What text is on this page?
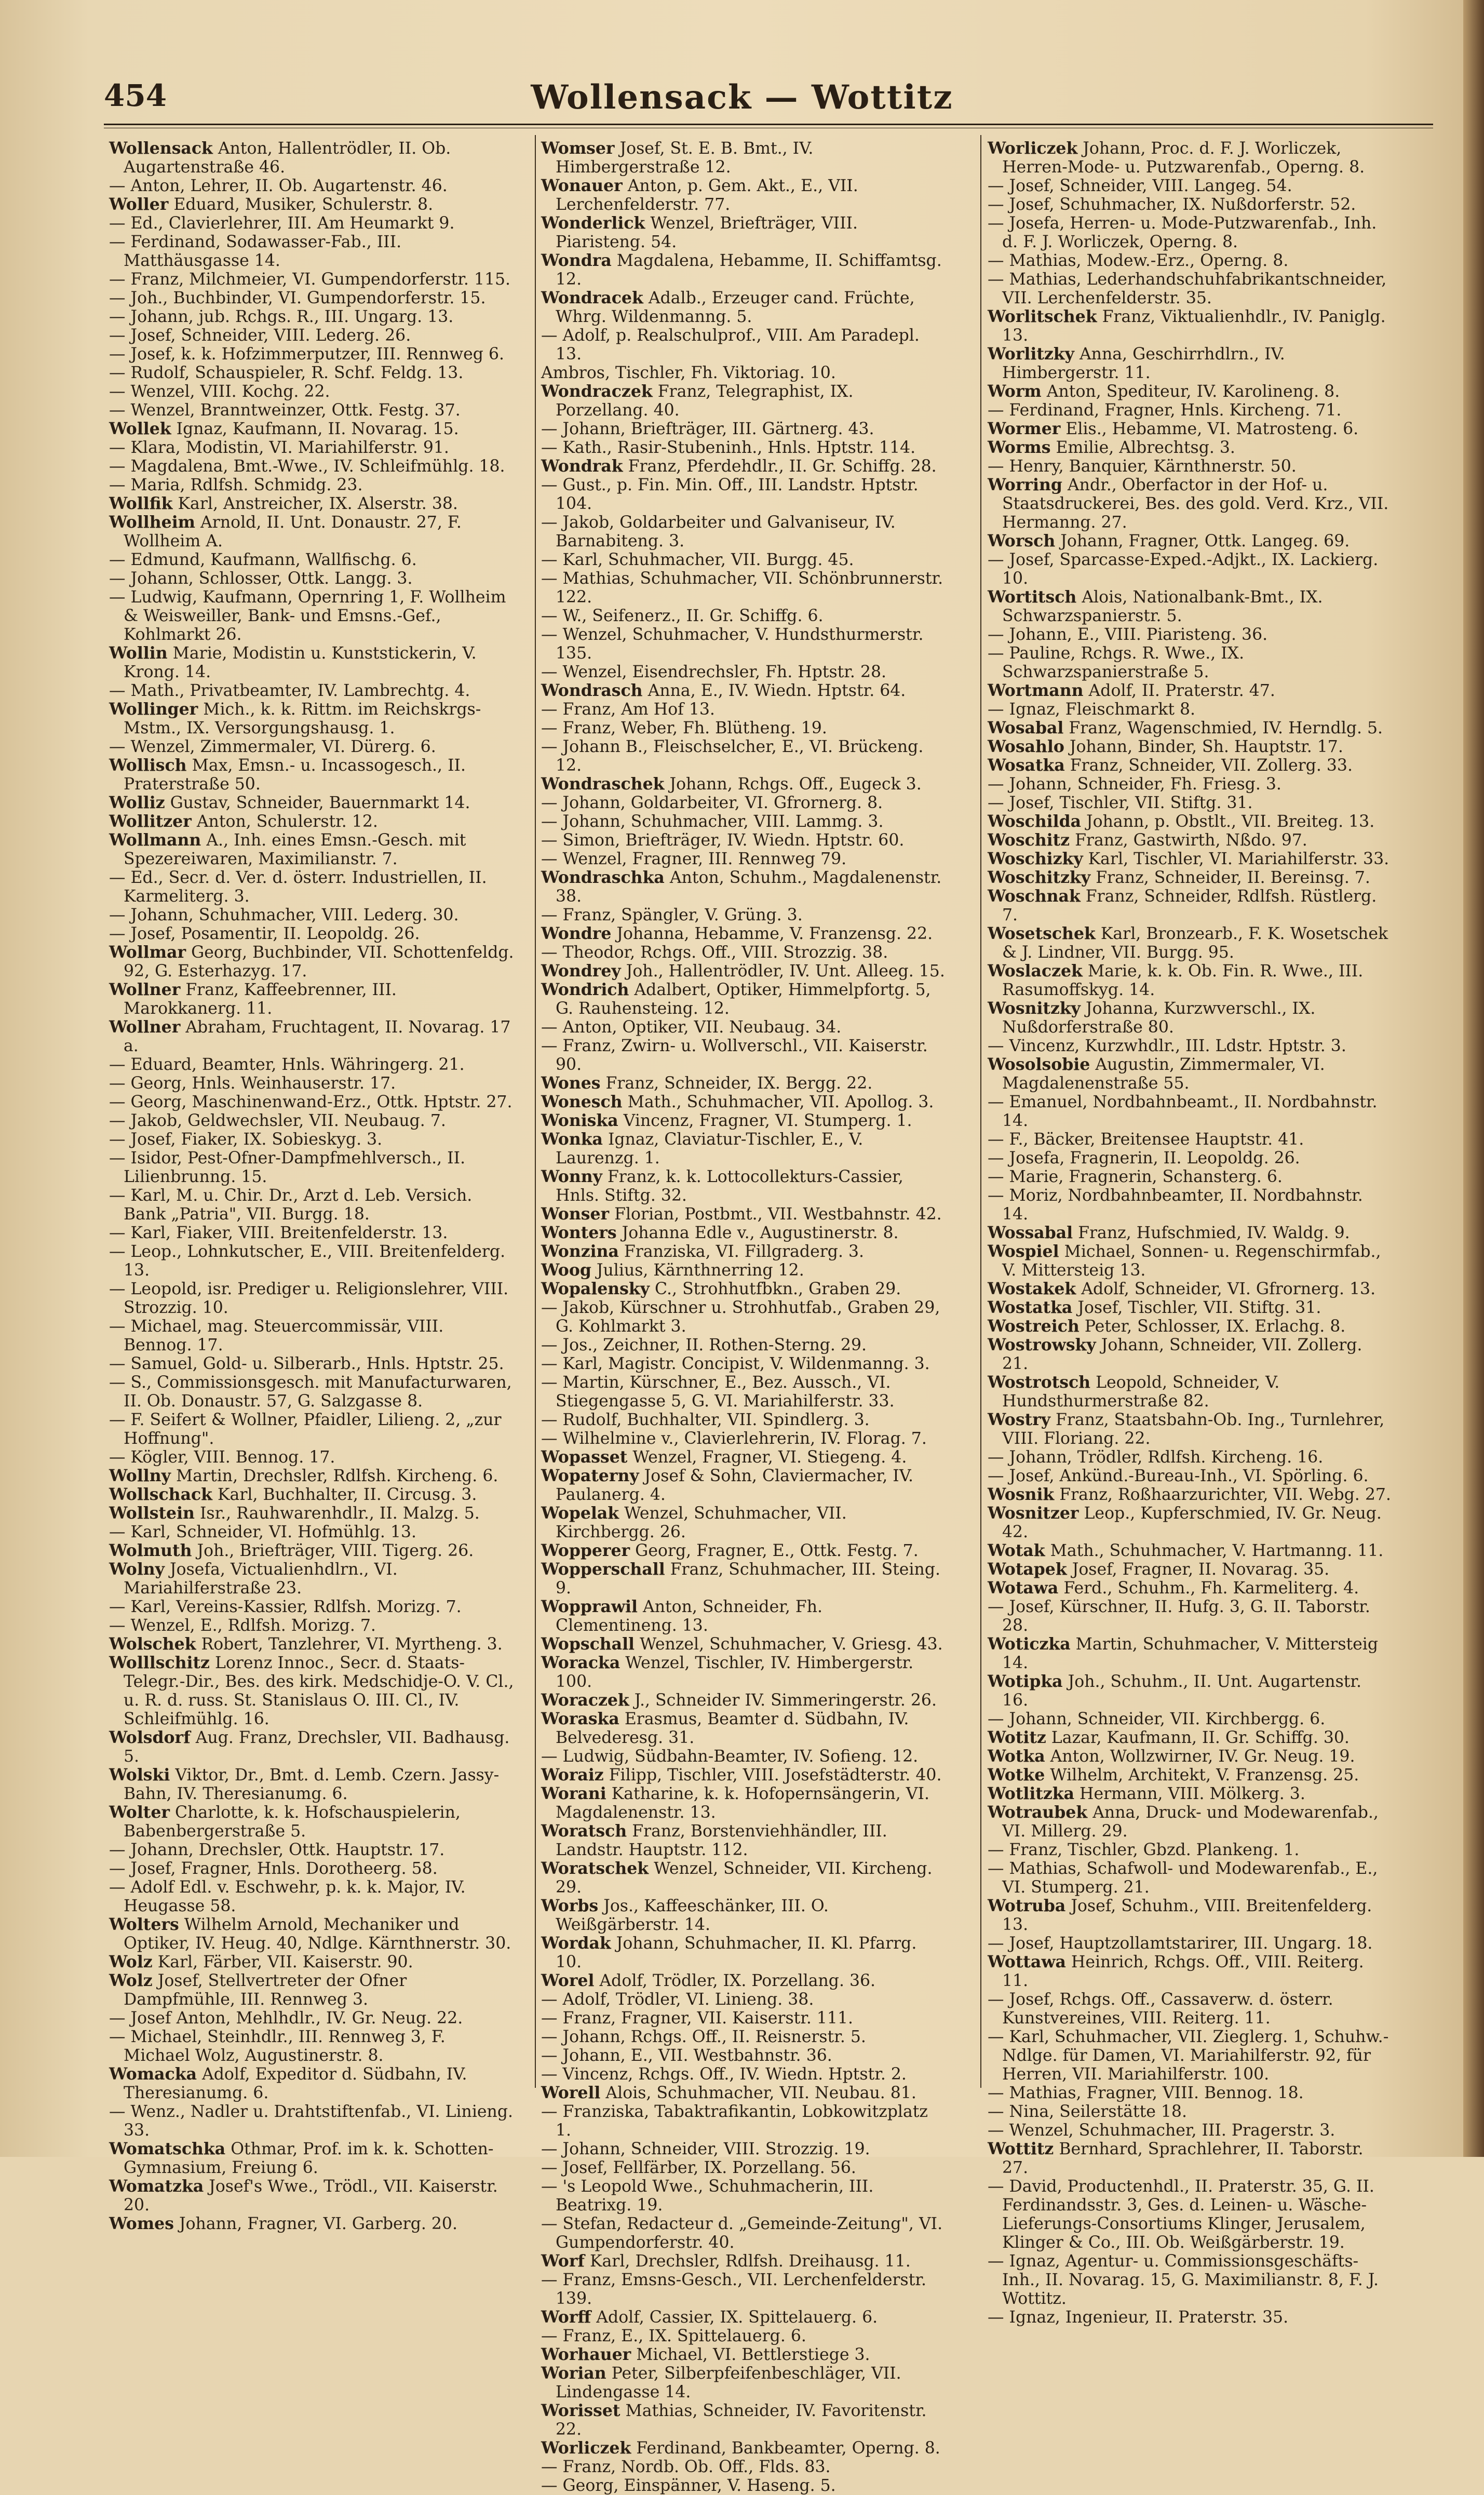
454	Wollensack — Wottitz

Wollensack Anton, Hallentrödler, II. Ob. Augartenstraße 46.

— Anton, Lehrer, II. Ob. Augartenstr. 46.

Woller Eduard, Musiker, Schulerstr. 8.

— Ed., Clavierlehrer, III. Am Heumarkt 9.

— Ferdinand, Sodawasser-Fab., III. Matthäusgasse 14.

— Franz, Milchmeier, VI. Gumpendorferstr. 115.

— Joh., Buchbinder, VI. Gumpendorferstr. 15.

— Johann, jub. Rchgs. R., III. Ungarg. 13.

— Josef, Schneider, VIII. Lederg. 26.

— Josef, k. k. Hofzimmerputzer, III. Rennweg 6.

— Rudolf, Schauspieler, R. Schf. Feldg. 13.

— Wenzel, VIII. Kochg. 22.

— Wenzel, Branntweinzer, Ottk. Festg. 37.

Wollek Ignaz, Kaufmann, II. Novarag. 15.

— Klara, Modistin, VI. Mariahilferstr. 91.

— Magdalena, Bmt.-Wwe., IV. Schleifmühlg. 18.

— Maria, Rdlfsh. Schmidg. 23.

Wollfik Karl, Anstreicher, IX. Alserstr. 38.

Wollheim Arnold, II. Unt. Donaustr. 27, F. Wollheim A.

— Edmund, Kaufmann, Wallfischg. 6.

— Johann, Schlosser, Ottk. Langg. 3.

— Ludwig, Kaufmann, Opernring 1, F. Wollheim & Weisweiller, Bank- und Emsns.-Gef., Kohlmarkt 26.

Wollin Marie, Modistin u. Kunststickerin, V. Krong. 14.

— Math., Privatbeamter, IV. Lambrechtg. 4.

Wollinger Mich., k. k. Rittm. im Reichskrgs-Mstm., IX. Versorgungshausg. 1.

— Wenzel, Zimmermaler, VI. Dürerg. 6.

Wollisch Max, Emsn.- u. Incassogesch., II. Praterstraße 50.

Wolliz Gustav, Schneider, Bauernmarkt 14.

Wollitzer Anton, Schulerstr. 12.

Wollmann A., Inh. eines Emsn.-Gesch. mit Spezereiwaren, Maximilianstr. 7.

— Ed., Secr. d. Ver. d. österr. Industriellen, II. Karmeliterg. 3.

— Johann, Schuhmacher, VIII. Lederg. 30.

— Josef, Posamentir, II. Leopoldg. 26.

Wollmar Georg, Buchbinder, VII. Schottenfeldg. 92, G. Esterhazyg. 17.

Wollner Franz, Kaffeebrenner, III. Marokkanerg. 11.

Wollner Abraham, Fruchtagent, II. Novarag. 17 a.

— Eduard, Beamter, Hnls. Währingerg. 21.

— Georg, Hnls. Weinhauserstr. 17.

— Georg, Maschinenwand-Erz., Ottk. Hptstr. 27.

— Jakob, Geldwechsler, VII. Neubaug. 7.

— Josef, Fiaker, IX. Sobieskyg. 3.

— Isidor, Pest-Ofner-Dampfmehlversch., II. Lilienbrunng. 15.

— Karl, M. u. Chir. Dr., Arzt d. Leb. Versich. Bank „Patria", VII. Burgg. 18.

— Karl, Fiaker, VIII. Breitenfelderstr. 13.

— Leop., Lohnkutscher, E., VIII. Breitenfelderg. 13.

— Leopold, isr. Prediger u. Religionslehrer, VIII. Strozzig. 10.

— Michael, mag. Steuercommissär, VIII. Bennog. 17.

— Samuel, Gold- u. Silberarb., Hnls. Hptstr. 25.

— S., Commissionsgesch. mit Manufacturwaren, II. Ob. Donaustr. 57, G. Salzgasse 8.

— F. Seifert & Wollner, Pfaidler, Lilieng. 2, „zur Hoffnung".

— Kögler, VIII. Bennog. 17.

Wollny Martin, Drechsler, Rdlfsh. Kircheng. 6.

Wollschack Karl, Buchhalter, II. Circusg. 3.

Wollstein Isr., Rauhwarenhdlr., II. Malzg. 5.

— Karl, Schneider, VI. Hofmühlg. 13.

Wolmuth Joh., Briefträger, VIII. Tigerg. 26.

Wolny Josefa, Victualienhdlrn., VI. Mariahilferstraße 23.

— Karl, Vereins-Kassier, Rdlfsh. Morizg. 7.

— Wenzel, E., Rdlfsh. Morizg. 7.

Wolschek Robert, Tanzlehrer, VI. Myrtheng. 3.

Wolllschitz Lorenz Innoc., Secr. d. Staats-Telegr.-Dir., Bes. des kirk. Medschidje-O. V. Cl., u. R. d. russ. St. Stanislaus O. III. Cl., IV. Schleifmühlg. 16.

Wolsdorf Aug. Franz, Drechsler, VII. Badhausg. 5.

Wolski Viktor, Dr., Bmt. d. Lemb. Czern. Jassy-Bahn, IV. Theresianumg. 6.

Wolter Charlotte, k. k. Hofschauspielerin, Babenbergerstraße 5.

— Johann, Drechsler, Ottk. Hauptstr. 17.

— Josef, Fragner, Hnls. Dorotheerg. 58.

— Adolf Edl. v. Eschwehr, p. k. k. Major, IV. Heugasse 58.

Wolters Wilhelm Arnold, Mechaniker und Optiker, IV. Heug. 40, Ndlge. Kärnthnerstr. 30.

Wolz Karl, Färber, VII. Kaiserstr. 90.

Wolz Josef, Stellvertreter der Ofner Dampfmühle, III. Rennweg 3.

— Josef Anton, Mehlhdlr., IV. Gr. Neug. 22.

— Michael, Steinhdlr., III. Rennweg 3, F. Michael Wolz, Augustinerstr. 8.

Womacka Adolf, Expeditor d. Südbahn, IV. Theresianumg. 6.

— Wenz., Nadler u. Drahtstiftenfab., VI. Linieng. 33.

Womatschka Othmar, Prof. im k. k. Schotten-Gymnasium, Freiung 6.

Womatzka Josef's Wwe., Trödl., VII. Kaiserstr. 20.

Womes Johann, Fragner, VI. Garberg. 20.

Womser Josef, St. E. B. Bmt., IV. Himbergerstraße 12.

Wonauer Anton, p. Gem. Akt., E., VII. Lerchenfelderstr. 77.

Wonderlick Wenzel, Briefträger, VIII. Piaristeng. 54.

Wondra Magdalena, Hebamme, II. Schiffamtsg. 12.

Wondracek Adalb., Erzeuger cand. Früchte, Whrg. Wildenmanng. 5.

— Adolf, p. Realschulprof., VIII. Am Paradepl. 13.

Ambros, Tischler, Fh. Viktoriag. 10.

Wondraczek Franz, Telegraphist, IX. Porzellang. 40.

— Johann, Briefträger, III. Gärtnerg. 43.

— Kath., Rasir-Stubeninh., Hnls. Hptstr. 114.

Wondrak Franz, Pferdehdlr., II. Gr. Schiffg. 28.

— Gust., p. Fin. Min. Off., III. Landstr. Hptstr. 104.

— Jakob, Goldarbeiter und Galvaniseur, IV. Barnabiteng. 3.

— Karl, Schuhmacher, VII. Burgg. 45.

— Mathias, Schuhmacher, VII. Schönbrunnerstr. 122.

— W., Seifenerz., II. Gr. Schiffg. 6.

— Wenzel, Schuhmacher, V. Hundsthurmerstr. 135.

— Wenzel, Eisendrechsler, Fh. Hptstr. 28.

Wondrasch Anna, E., IV. Wiedn. Hptstr. 64.

— Franz, Am Hof 13.

— Franz, Weber, Fh. Blütheng. 19.

— Johann B., Fleischselcher, E., VI. Brückeng. 12.

Wondraschek Johann, Rchgs. Off., Eugeck 3.

— Johann, Goldarbeiter, VI. Gfrornerg. 8.

— Johann, Schuhmacher, VIII. Lammg. 3.

— Simon, Briefträger, IV. Wiedn. Hptstr. 60.

— Wenzel, Fragner, III. Rennweg 79.

Wondraschka Anton, Schuhm., Magdalenenstr. 38.

— Franz, Spängler, V. Grüng. 3.

Wondre Johanna, Hebamme, V. Franzensg. 22.

— Theodor, Rchgs. Off., VIII. Strozzig. 38.

Wondrey Joh., Hallentrödler, IV. Unt. Alleeg. 15.

Wondrich Adalbert, Optiker, Himmelpfortg. 5, G. Rauhensteing. 12.

— Anton, Optiker, VII. Neubaug. 34.

— Franz, Zwirn- u. Wollverschl., VII. Kaiserstr. 90.

Wones Franz, Schneider, IX. Bergg. 22.

Wonesch Math., Schuhmacher, VII. Apollog. 3.

Woniska Vincenz, Fragner, VI. Stumperg. 1.

Wonka Ignaz, Claviatur-Tischler, E., V. Laurenzg. 1.

Wonny Franz, k. k. Lottocollekturs-Cassier, Hnls. Stiftg. 32.

Wonser Florian, Postbmt., VII. Westbahnstr. 42.

Wonters Johanna Edle v., Augustinerstr. 8.

Wonzina Franziska, VI. Fillgraderg. 3.

Woog Julius, Kärnthnerring 12.

Wopalensky C., Strohhutfbkn., Graben 29.

— Jakob, Kürschner u. Strohhutfab., Graben 29, G. Kohlmarkt 3.

— Jos., Zeichner, II. Rothen-Sterng. 29.

— Karl, Magistr. Concipist, V. Wildenmanng. 3.

— Martin, Kürschner, E., Bez. Aussch., VI. Stiegengasse 5, G. VI. Mariahilferstr. 33.

— Rudolf, Buchhalter, VII. Spindlerg. 3.

— Wilhelmine v., Clavierlehrerin, IV. Florag. 7.

Wopasset Wenzel, Fragner, VI. Stiegeng. 4.

Wopaterny Josef & Sohn, Claviermacher, IV. Paulanerg. 4.

Wopelak Wenzel, Schuhmacher, VII. Kirchbergg. 26.

Wopperer Georg, Fragner, E., Ottk. Festg. 7.

Wopperschall Franz, Schuhmacher, III. Steing. 9.

Wopprawil Anton, Schneider, Fh. Clementineng. 13.

Wopschall Wenzel, Schuhmacher, V. Griesg. 43.

Woracka Wenzel, Tischler, IV. Himbergerstr. 100.

Woraczek J., Schneider IV. Simmeringerstr. 26.

Woraska Erasmus, Beamter d. Südbahn, IV. Belvederesg. 31.

— Ludwig, Südbahn-Beamter, IV. Sofieng. 12.

Woraiz Filipp, Tischler, VIII. Josefstädterstr. 40.

Worani Katharine, k. k. Hofopernsängerin, VI. Magdalenenstr. 13.

Woratsch Franz, Borstenviehhändler, III. Landstr. Hauptstr. 112.

Woratschek Wenzel, Schneider, VII. Kircheng. 29.

Worbs Jos., Kaffeeschänker, III. O. Weißgärberstr. 14.

Wordak Johann, Schuhmacher, II. Kl. Pfarrg. 10.

Worel Adolf, Trödler, IX. Porzellang. 36.

— Adolf, Trödler, VI. Linieng. 38.

— Franz, Fragner, VII. Kaiserstr. 111.

— Johann, Rchgs. Off., II. Reisnerstr. 5.

— Johann, E., VII. Westbahnstr. 36.

— Vincenz, Rchgs. Off., IV. Wiedn. Hptstr. 2.

Worell Alois, Schuhmacher, VII. Neubau. 81.

— Franziska, Tabaktrafikantin, Lobkowitzplatz 1.

— Johann, Schneider, VIII. Strozzig. 19.

— Josef, Fellfärber, IX. Porzellang. 56.

— 's Leopold Wwe., Schuhmacherin, III. Beatrixg. 19.

— Stefan, Redacteur d. „Gemeinde-Zeitung", VI. Gumpendorferstr. 40.

Worf Karl, Drechsler, Rdlfsh. Dreihausg. 11.

— Franz, Emsns-Gesch., VII. Lerchenfelderstr. 139.

Worff Adolf, Cassier, IX. Spittelauerg. 6.

— Franz, E., IX. Spittelauerg. 6.

Worhauer Michael, VI. Bettlerstiege 3.

Worian Peter, Silberpfeifenbeschläger, VII. Lindengasse 14.

Worisset Mathias, Schneider, IV. Favoritenstr. 22.

Worliczek Ferdinand, Bankbeamter, Operng. 8.

— Franz, Nordb. Ob. Off., Flds. 83.

— Georg, Einspänner, V. Haseng. 5.

Worliczek Johann, Proc. d. F. J. Worliczek, Herren-Mode- u. Putzwarenfab., Operng. 8.

— Josef, Schneider, VIII. Langeg. 54.

— Josef, Schuhmacher, IX. Nußdorferstr. 52.

— Josefa, Herren- u. Mode-Putzwarenfab., Inh. d. F. J. Worliczek, Operng. 8.

— Mathias, Modew.-Erz., Operng. 8.

— Mathias, Lederhandschuhfabrikantschneider, VII. Lerchenfelderstr. 35.

Worlitschek Franz, Viktualienhdlr., IV. Paniglg. 13.

Worlitzky Anna, Geschirrhdlrn., IV. Himbergerstr. 11.

Worm Anton, Spediteur, IV. Karolineng. 8.

— Ferdinand, Fragner, Hnls. Kircheng. 71.

Wormer Elis., Hebamme, VI. Matrosteng. 6.

Worms Emilie, Albrechtsg. 3.

— Henry, Banquier, Kärnthnerstr. 50.

Worring Andr., Oberfactor in der Hof- u. Staatsdruckerei, Bes. des gold. Verd. Krz., VII. Hermanng. 27.

Worsch Johann, Fragner, Ottk. Langeg. 69.

— Josef, Sparcasse-Exped.-Adjkt., IX. Lackierg. 10.

Wortitsch Alois, Nationalbank-Bmt., IX. Schwarzspanierstr. 5.

— Johann, E., VIII. Piaristeng. 36.

— Pauline, Rchgs. R. Wwe., IX. Schwarzspanierstraße 5.

Wortmann Adolf, II. Praterstr. 47.

— Ignaz, Fleischmarkt 8.

Wosabal Franz, Wagenschmied, IV. Herndlg. 5.

Wosahlo Johann, Binder, Sh. Hauptstr. 17.

Wosatka Franz, Schneider, VII. Zollerg. 33.

— Johann, Schneider, Fh. Friesg. 3.

— Josef, Tischler, VII. Stiftg. 31.

Woschilda Johann, p. Obstlt., VII. Breiteg. 13.

Woschitz Franz, Gastwirth, Nßdo. 97.

Woschizky Karl, Tischler, VI. Mariahilferstr. 33.

Woschitzky Franz, Schneider, II. Bereinsg. 7.

Woschnak Franz, Schneider, Rdlfsh. Rüstlerg. 7.

Wosetschek Karl, Bronzearb., F. K. Wosetschek & J. Lindner, VII. Burgg. 95.

Woslaczek Marie, k. k. Ob. Fin. R. Wwe., III. Rasumoffskyg. 14.

Wosnitzky Johanna, Kurzwverschl., IX. Nußdorferstraße 80.

— Vincenz, Kurzwhdlr., III. Ldstr. Hptstr. 3.

Wosolsobie Augustin, Zimmermaler, VI. Magdalenenstraße 55.

— Emanuel, Nordbahnbeamt., II. Nordbahnstr. 14.

— F., Bäcker, Breitensee Hauptstr. 41.

— Josefa, Fragnerin, II. Leopoldg. 26.

— Marie, Fragnerin, Schansterg. 6.

— Moriz, Nordbahnbeamter, II. Nordbahnstr. 14.

Wossabal Franz, Hufschmied, IV. Waldg. 9.

Wospiel Michael, Sonnen- u. Regenschirmfab., V. Mittersteig 13.

Wostakek Adolf, Schneider, VI. Gfrornerg. 13.

Wostatka Josef, Tischler, VII. Stiftg. 31.

Wostreich Peter, Schlosser, IX. Erlachg. 8.

Wostrowsky Johann, Schneider, VII. Zollerg. 21.

Wostrotsch Leopold, Schneider, V. Hundsthurmerstraße 82.

Wostry Franz, Staatsbahn-Ob. Ing., Turnlehrer, VIII. Floriang. 22.

— Johann, Trödler, Rdlfsh. Kircheng. 16.

— Josef, Ankünd.-Bureau-Inh., VI. Spörling. 6.

Wosnik Franz, Roßhaarzurichter, VII. Webg. 27.

Wosnitzer Leop., Kupferschmied, IV. Gr. Neug. 42.

Wotak Math., Schuhmacher, V. Hartmanng. 11.

Wotapek Josef, Fragner, II. Novarag. 35.

Wotawa Ferd., Schuhm., Fh. Karmeliterg. 4.

— Josef, Kürschner, II. Hufg. 3, G. II. Taborstr. 28.

Woticzka Martin, Schuhmacher, V. Mittersteig 14.

Wotipka Joh., Schuhm., II. Unt. Augartenstr. 16.

— Johann, Schneider, VII. Kirchbergg. 6.

Wotitz Lazar, Kaufmann, II. Gr. Schiffg. 30.

Wotka Anton, Wollzwirner, IV. Gr. Neug. 19.

Wotke Wilhelm, Architekt, V. Franzensg. 25.

Wotlitzka Hermann, VIII. Mölkerg. 3.

Wotraubek Anna, Druck- und Modewarenfab., VI. Millerg. 29.

— Franz, Tischler, Gbzd. Plankeng. 1.

— Mathias, Schafwoll- und Modewarenfab., E., VI. Stumperg. 21.

Wotruba Josef, Schuhm., VIII. Breitenfelderg. 13.

— Josef, Hauptzollamtstarirer, III. Ungarg. 18.

Wottawa Heinrich, Rchgs. Off., VIII. Reiterg. 11.

— Josef, Rchgs. Off., Cassaverw. d. österr. Kunstvereines, VIII. Reiterg. 11.

— Karl, Schuhmacher, VII. Zieglerg. 1, Schuhw.-Ndlge. für Damen, VI. Mariahilferstr. 92, für Herren, VII. Mariahilferstr. 100.

— Mathias, Fragner, VIII. Bennog. 18.

— Nina, Seilerstätte 18.

— Wenzel, Schuhmacher, III. Pragerstr. 3.

Wottitz Bernhard, Sprachlehrer, II. Taborstr. 27.

— David, Productenhdl., II. Praterstr. 35, G. II. Ferdinandsstr. 3, Ges. d. Leinen- u. Wäsche-Lieferungs-Consortiums Klinger, Jerusalem, Klinger & Co., III. Ob. Weißgärberstr. 19.

— Ignaz, Agentur- u. Commissionsgeschäfts-Inh., II. Novarag. 15, G. Maximilianstr. 8, F. J. Wottitz.

— Ignaz, Ingenieur, II. Praterstr. 35.
